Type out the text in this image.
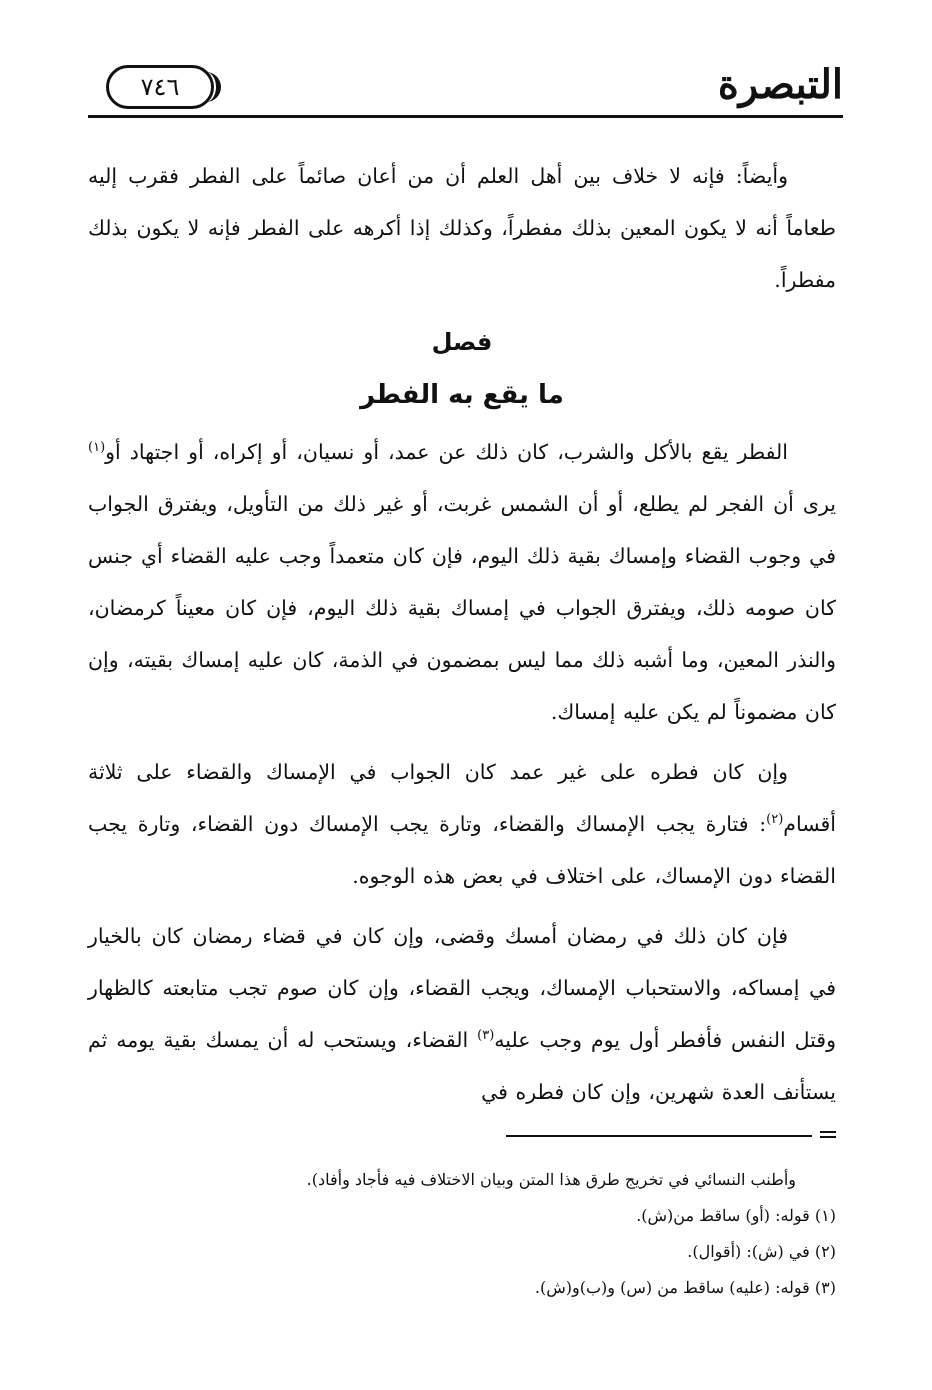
التبصرة
٧٤٦

وأيضاً: فإنه لا خلاف بين أهل العلم أن من أعان صائماً على الفطر فقرب إليه طعاماً أنه لا يكون المعين بذلك مفطراً، وكذلك إذا أكرهه على الفطر فإنه لا يكون بذلك مفطراً.

فصل
ما يقع به الفطر

الفطر يقع بالأكل والشرب، كان ذلك عن عمد، أو نسيان، أو إكراه، أو اجتهاد أو$^{(١)}$ يرى أن الفجر لم يطلع، أو أن الشمس غربت، أو غير ذلك من التأويل، ويفترق الجواب في وجوب القضاء وإمساك بقية ذلك اليوم، فإن كان متعمداً وجب عليه القضاء أي جنس كان صومه ذلك، ويفترق الجواب في إمساك بقية ذلك اليوم، فإن كان معيناً كرمضان، والنذر المعين، وما أشبه ذلك مما ليس بمضمون في الذمة، كان عليه إمساك بقيته، وإن كان مضموناً لم يكن عليه إمساك.

وإن كان فطره على غير عمد كان الجواب في الإمساك والقضاء على ثلاثة أقسام$^{(٢)}$: فتارة يجب الإمساك والقضاء، وتارة يجب الإمساك دون القضاء، وتارة يجب القضاء دون الإمساك، على اختلاف في بعض هذه الوجوه.

فإن كان ذلك في رمضان أمسك وقضى، وإن كان في قضاء رمضان كان بالخيار في إمساكه، والاستحباب الإمساك، ويجب القضاء، وإن كان صوم تجب متابعته كالظهار وقتل النفس فأفطر أول يوم وجب عليه$^{(٣)}$ القضاء، ويستحب له أن يمسك بقية يومه ثم يستأنف العدة شهرين، وإن كان فطره في

وأطنب النسائي في تخريج طرق هذا المتن وبيان الاختلاف فيه فأجاد وأفاد).

(١) قوله: (أو) ساقط من(ش).

(٢) في (ش): (أقوال).

(٣) قوله: (عليه) ساقط من (س) و(ب)و(ش).
